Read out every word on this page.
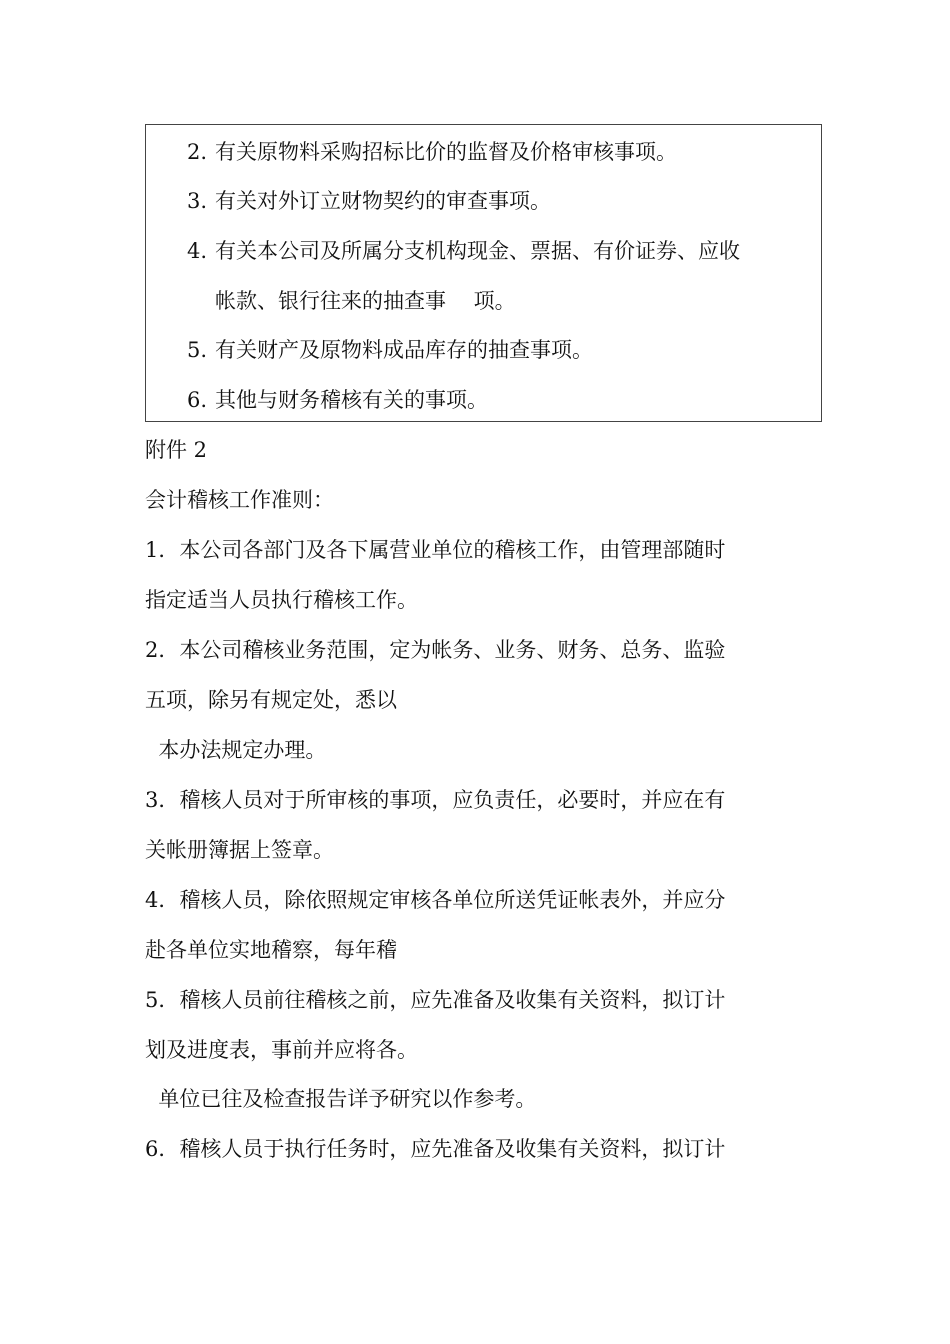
2. 有关原物料采购招标比价的监督及价格审核事项。
3. 有关对外订立财物契约的审查事项。
4. 有关本公司及所属分支机构现金、票据、有价证券、应收
帐款、银行往来的抽查事　 项。
5. 有关财产及原物料成品库存的抽查事项。
6. 其他与财务稽核有关的事项。
附件 2
会计稽核工作准则：
1．本公司各部门及各下属营业单位的稽核工作，由管理部随时
指定适当人员执行稽核工作。
2．本公司稽核业务范围，定为帐务、业务、财务、总务、监验
五项，除另有规定处，悉以
本办法规定办理。
3．稽核人员对于所审核的事项，应负责任，必要时，并应在有
关帐册簿据上签章。
4．稽核人员，除依照规定审核各单位所送凭证帐表外，并应分
赴各单位实地稽察，每年稽
5．稽核人员前往稽核之前，应先准备及收集有关资料，拟订计
划及进度表，事前并应将各。
单位已往及检查报告详予研究以作参考。
6．稽核人员于执行任务时，应先准备及收集有关资料，拟订计
